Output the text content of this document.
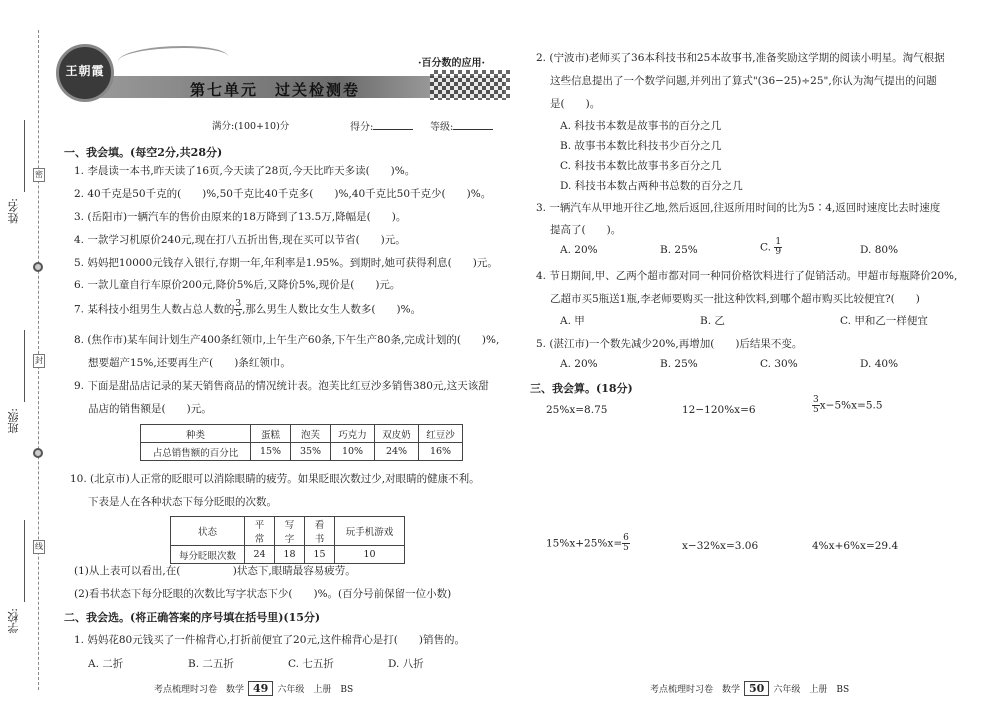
姓名:
班级:
学校:
密
封
线
王朝霞
·百分数的应用·
第七单元　过关检测卷
满分:(100+10)分	得分:	等级:
一、我会填。(每空2分,共28分)
1. 李晨读一本书,昨天读了16页,今天读了28页,今天比昨天多读(　　)%。
2. 40千克是50千克的(　　)%,50千克比40千克多(　　)%,40千克比50千克少(　　)%。
3. (岳阳市)一辆汽车的售价由原来的18万降到了13.5万,降幅是(　　)。
4. 一款学习机原价240元,现在打八五折出售,现在买可以节省(　　)元。
5. 妈妈把10000元钱存入银行,存期一年,年利率是1.95%。到期时,她可获得利息(　　)元。
6. 一款儿童自行车原价200元,降价5%后,又降价5%,现价是(　　)元。
7. 某科技小组男生人数占总人数的 $\frac{3}{5}$ ,那么男生人数比女生人数多(　　)%。
8. (焦作市)某车间计划生产400条红领巾,上午生产60条,下午生产80条,完成计划的(　　)%,
想要超产15%,还要再生产(　　)条红领巾。
9. 下面是甜品店记录的某天销售商品的情况统计表。泡芙比红豆沙多销售380元,这天该甜
品店的销售额是(　　)元。
种类	蛋糕	泡芙	巧克力	双皮奶	红豆沙
占总销售额的百分比	15%	35%	10%	24%	16%
10. (北京市)人正常的眨眼可以消除眼睛的疲劳。如果眨眼次数过少,对眼睛的健康不利。
下表是人在各种状态下每分眨眼的次数。
状态	平常	写字	看书	玩手机游戏
每分眨眼次数	24	18	15	10
(1)从上表可以看出,在(　　　　　)状态下,眼睛最容易疲劳。
(2)看书状态下每分眨眼的次数比写字状态下少(　　)%。(百分号前保留一位小数)
二、我会选。(将正确答案的序号填在括号里)(15分)
1. 妈妈花80元钱买了一件棉背心,打折前便宜了20元,这件棉背心是打(　　)销售的。
A. 二折	B. 二五折	C. 七五折	D. 八折
考点梳理时习卷　数学 49 六年级　上册　BS
2. (宁波市)老师买了36本科技书和25本故事书,准备奖励这学期的阅读小明星。淘气根据
这些信息提出了一个数学问题,并列出了算式"(36−25)÷25",你认为淘气提出的问题
是(　　)。
A. 科技书本数是故事书的百分之几
B. 故事书本数比科技书少百分之几
C. 科技书本数比故事书多百分之几
D. 科技书本数占两种书总数的百分之几
3. 一辆汽车从甲地开往乙地,然后返回,往返所用时间的比为5∶4,返回时速度比去时速度
提高了(　　)。
A. 20%	B. 25%	C. $\frac{1}{9}$	D. 80%
4. 节日期间,甲、乙两个超市都对同一种同价格饮料进行了促销活动。甲超市每瓶降价20%,
乙超市买5瓶送1瓶,李老师要购买一批这种饮料,到哪个超市购买比较便宜?(　　)
A. 甲	B. 乙	C. 甲和乙一样便宜
5. (湛江市)一个数先减少20%,再增加(　　)后结果不变。
A. 20%	B. 25%	C. 30%	D. 40%
三、我会算。(18分)
25%x=8.75	12−120%x=6	$\frac{3}{5} x-5\%x=5.5$
$15\%x+25\%x= \frac{6}{5}$	x−32%x=3.06	4%x+6%x=29.4
考点梳理时习卷　数学 50 六年级　上册　BS
